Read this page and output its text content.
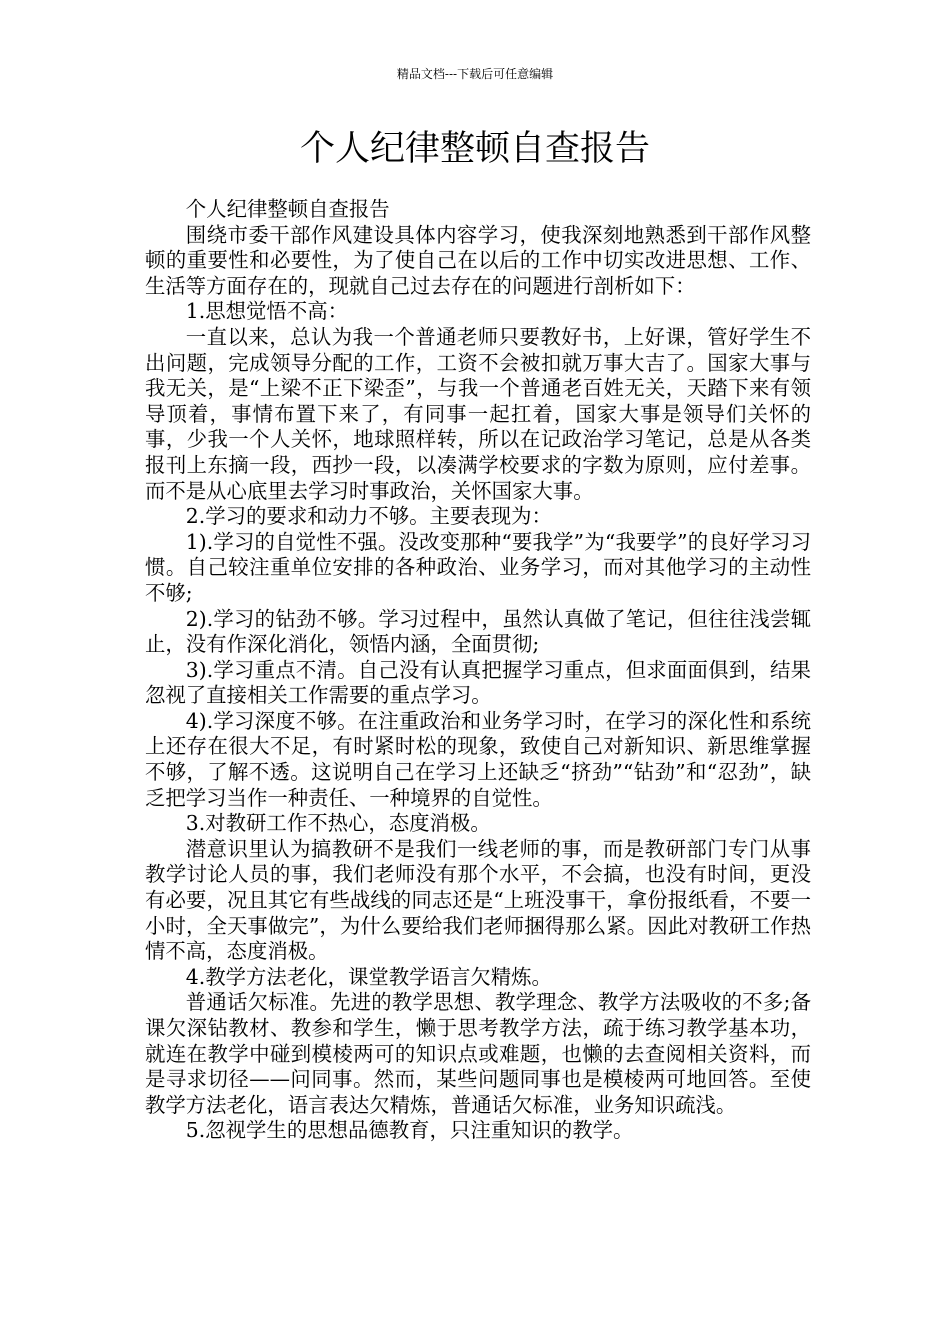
精品文档---下载后可任意编辑
个人纪律整顿自查报告

个人纪律整顿自查报告

围绕市委干部作风建设具体内容学习，使我深刻地熟悉到干部作风整顿的重要性和必要性，为了使自己在以后的工作中切实改进思想、工作、生活等方面存在的，现就自己过去存在的问题进行剖析如下：

1.思想觉悟不高：

一直以来，总认为我一个普通老师只要教好书，上好课，管好学生不出问题，完成领导分配的工作，工资不会被扣就万事大吉了。国家大事与我无关，是“上梁不正下梁歪”，与我一个普通老百姓无关，天踏下来有领导顶着，事情布置下来了，有同事一起扛着，国家大事是领导们关怀的事，少我一个人关怀，地球照样转，所以在记政治学习笔记，总是从各类报刊上东摘一段，西抄一段，以凑满学校要求的字数为原则，应付差事。而不是从心底里去学习时事政治，关怀国家大事。

2.学习的要求和动力不够。主要表现为：

1).学习的自觉性不强。没改变那种“要我学”为“我要学”的良好学习习惯。自己较注重单位安排的各种政治、业务学习，而对其他学习的主动性不够;

2).学习的钻劲不够。学习过程中，虽然认真做了笔记，但往往浅尝辄止，没有作深化消化，领悟内涵，全面贯彻;

3).学习重点不清。自己没有认真把握学习重点，但求面面俱到，结果忽视了直接相关工作需要的重点学习。

4).学习深度不够。在注重政治和业务学习时，在学习的深化性和系统上还存在很大不足，有时紧时松的现象，致使自己对新知识、新思维掌握不够，了解不透。这说明自己在学习上还缺乏“挤劲”“钻劲”和“忍劲”，缺乏把学习当作一种责任、一种境界的自觉性。

3.对教研工作不热心，态度消极。

潜意识里认为搞教研不是我们一线老师的事，而是教研部门专门从事教学讨论人员的事，我们老师没有那个水平，不会搞，也没有时间，更没有必要，况且其它有些战线的同志还是“上班没事干，拿份报纸看，不要一小时，全天事做完”，为什么要给我们老师捆得那么紧。因此对教研工作热情不高，态度消极。

4.教学方法老化，课堂教学语言欠精炼。

普通话欠标准。先进的教学思想、教学理念、教学方法吸收的不多;备课欠深钻教材、教参和学生，懒于思考教学方法，疏于练习教学基本功，就连在教学中碰到模棱两可的知识点或难题，也懒的去查阅相关资料，而是寻求切径——问同事。然而，某些问题同事也是模棱两可地回答。至使教学方法老化，语言表达欠精炼，普通话欠标准，业务知识疏浅。

5.忽视学生的思想品德教育，只注重知识的教学。
